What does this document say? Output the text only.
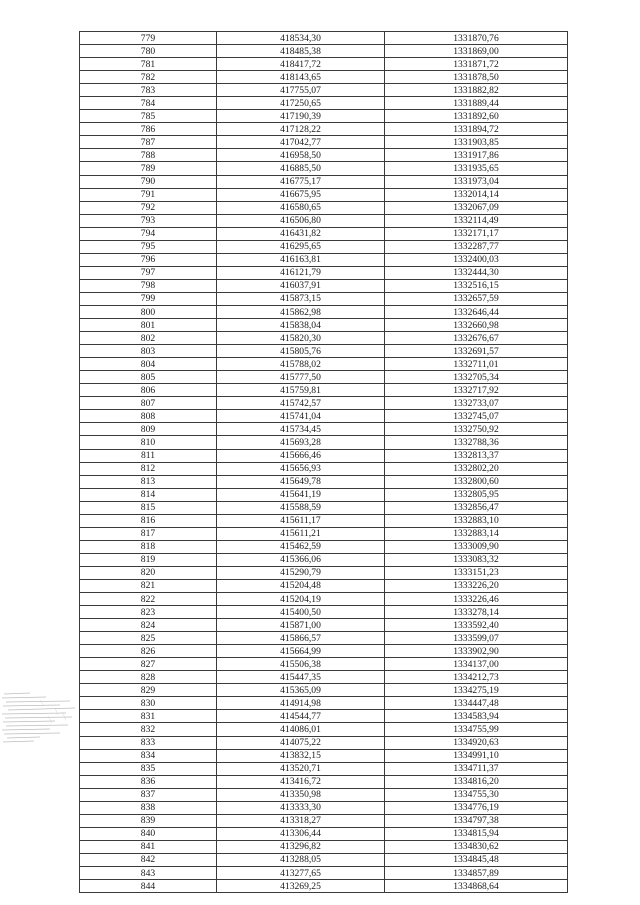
779	418534,30	1331870,76
780	418485,38	1331869,00
781	418417,72	1331871,72
782	418143,65	1331878,50
783	417755,07	1331882,82
784	417250,65	1331889,44
785	417190,39	1331892,60
786	417128,22	1331894,72
787	417042,77	1331903,85
788	416958,50	1331917,86
789	416885,50	1331935,65
790	416775,17	1331973,04
791	416675,95	1332014,14
792	416580,65	1332067,09
793	416506,80	1332114,49
794	416431,82	1332171,17
795	416295,65	1332287,77
796	416163,81	1332400,03
797	416121,79	1332444,30
798	416037,91	1332516,15
799	415873,15	1332657,59
800	415862,98	1332646,44
801	415838,04	1332660,98
802	415820,30	1332676,67
803	415805,76	1332691,57
804	415788,02	1332711,01
805	415777,50	1332705,34
806	415759,81	1332717,92
807	415742,57	1332733,07
808	415741,04	1332745,07
809	415734,45	1332750,92
810	415693,28	1332788,36
811	415666,46	1332813,37
812	415656,93	1332802,20
813	415649,78	1332800,60
814	415641,19	1332805,95
815	415588,59	1332856,47
816	415611,17	1332883,10
817	415611,21	1332883,14
818	415462,59	1333009,90
819	415366,06	1333083,32
820	415290,79	1333151,23
821	415204,48	1333226,20
822	415204,19	1333226,46
823	415400,50	1333278,14
824	415871,00	1333592,40
825	415866,57	1333599,07
826	415664,99	1333902,90
827	415506,38	1334137,00
828	415447,35	1334212,73
829	415365,09	1334275,19
830	414914,98	1334447,48
831	414544,77	1334583,94
832	414086,01	1334755,99
833	414075,22	1334920,63
834	413832,15	1334991,10
835	413520,71	1334711,37
836	413416,72	1334816,20
837	413350,98	1334755,30
838	413333,30	1334776,19
839	413318,27	1334797,38
840	413306,44	1334815,94
841	413296,82	1334830,62
842	413288,05	1334845,48
843	413277,65	1334857,89
844	413269,25	1334868,64
